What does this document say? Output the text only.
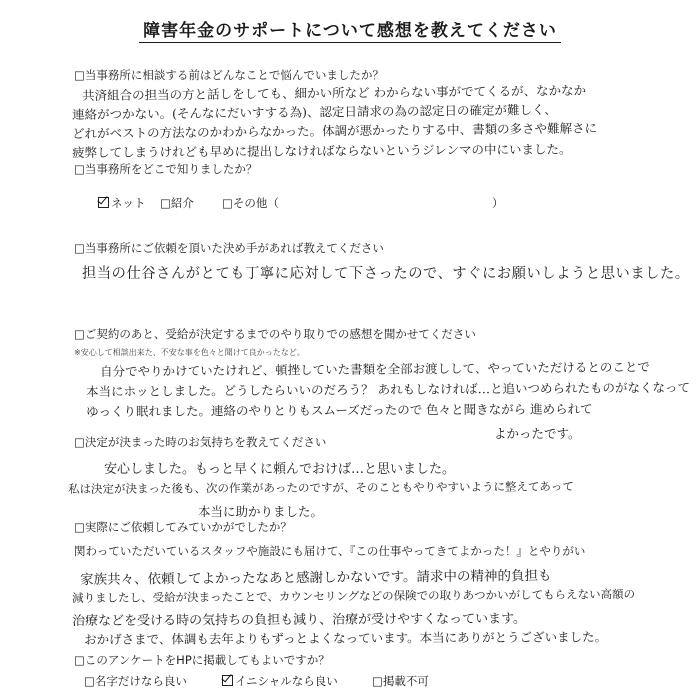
障害年金のサポートについて感想を教えてください
□当事務所に相談する前はどんなことで悩んでいましたか？
共済組合の担当の方と話しをしても、細かい所など わからない事がでてくるが、なかなか
連絡がつかない。(そんなにだいすする為)、認定日請求の為の認定日の確定が難しく、
どれがベストの方法なのかわからなかった。体調が悪かったりする中、書類の多さや難解さに
疲弊してしまうけれども早めに提出しなければならないというジレンマの中にいました。
□当事務所をどこで知りましたか？
ネット □紹介 □その他（	）
□当事務所にご依頼を頂いた決め手があれば教えてください
担当の仕谷さんがとても丁寧に応対して下さったので、すぐにお願いしようと思いました。
□ご契約のあと、受給が決定するまでのやり取りでの感想を聞かせてください
※安心して相談出来た、不安な事を色々と聞けて良かったなど。
自分でやりかけていたけれど、頓挫していた書類を全部お渡しして、やっていただけるとのことで
本当にホッとしました。どうしたらいいのだろう？ あれもしなければ…と追いつめられたものがなくなって
ゆっくり眠れました。連絡のやりとりもスムーズだったので 色々と聞きながら 進められて
よかったです。
□決定が決まった時のお気持ちを教えてください
安心しました。もっと早くに頼んでおけば…と思いました。
私は決定が決まった後も、次の作業があったのですが、そのこともやりやすいように整えてあって
本当に助かりました。
□実際にご依頼してみていかがでしたか？
関わっていただいているスタッフや施設にも届けて、『この仕事やってきてよかった！』とやりがい
家族共々、依頼してよかったなあと感謝しかないです。請求中の精神的負担も
減りましたし、受給が決まったことで、カウンセリングなどの保険での取りあつかいがしてもらえない高額の
治療などを受ける時の気持ちの負担も減り、治療が受けやすくなっています。
おかげさまで、体調も去年よりもずっとよくなっています。本当にありがとうございました。
□このアンケートをHPに掲載してもよいですか？
□名字だけなら良い	イニシャルなら良い	□掲載不可
